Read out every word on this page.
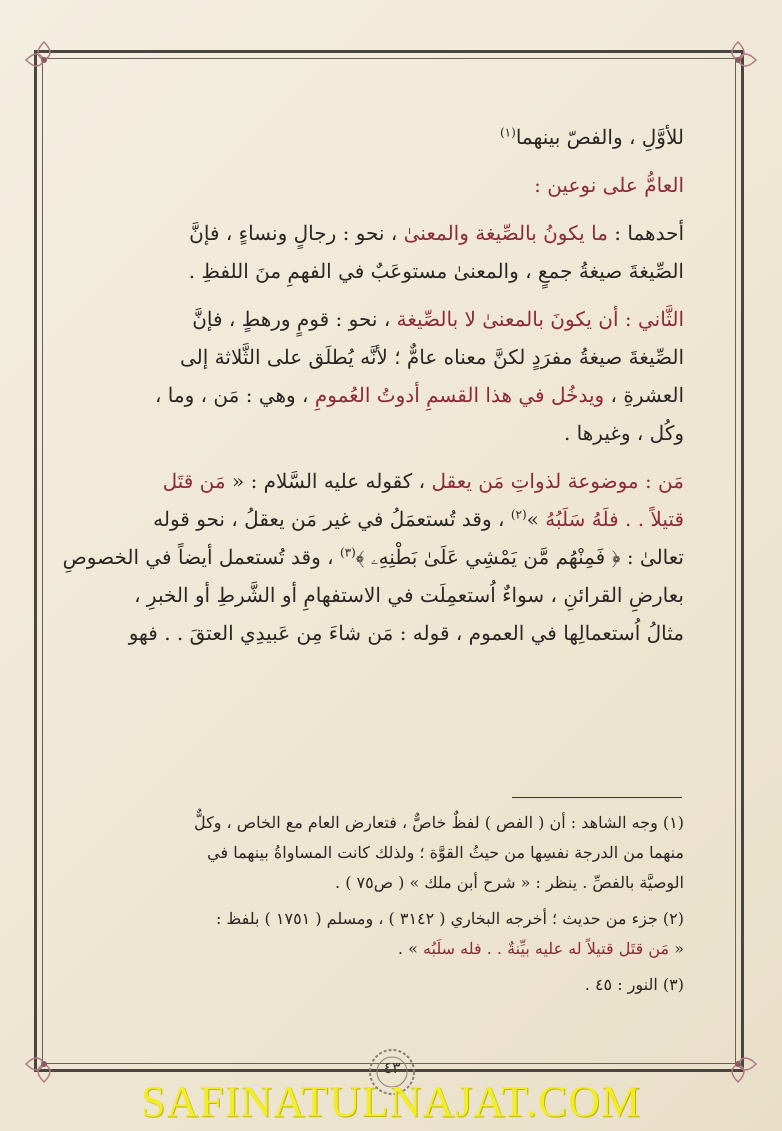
للأوَّلِ ، والفصّ بينهما$^{(١)}$
العامُّ على نوعين :
أحدهما : ما يكونُ بالصِّيغة والمعنىٰ ، نحو : رجالٍ ونساءٍ ، فإنَّ
الصِّيغةَ صيغةُ جمعٍ ، والمعنىٰ مستوعَبٌ في الفهمِ منَ اللفظِ .
الثَّاني : أن يكونَ بالمعنىٰ لا بالصِّيغة ، نحو : قومٍ ورهطٍ ، فإنَّ
الصِّيغةَ صيغةُ مفرَدٍ لكنَّ معناه عامٌّ ؛ لأنَّه يُطلَق على الثَّلاثة إلى
العشرةِ ، ويدخُل في هذا القسمِ أدوتُ العُمومِ ، وهي : مَن ، وما ،
وكُل ، وغيرها .
مَن : موضوعة لذواتِ مَن يعقل ، كقوله عليه السَّلام : « مَن قتَل
قتيلاً . . فلَهُ سَلَبُهُ »$^{(٢)}$ ، وقد تُستعمَلُ في غير مَن يعقلُ ، نحو قوله
تعالىٰ : ﴿ فَمِنْهُم مَّن يَمْشِي عَلَىٰ بَطْنِهِۦ ﴾$^{(٣)}$ ، وقد تُستعمل أيضاً في الخصوصِ
بعارضِ القرائنِ ، سواءٌ اُستعمِلَت في الاستفهامِ أو الشَّرطِ أو الخبرِ ،
مثالُ اُستعمالِها في العموم ، قوله : مَن شاءَ مِن عَبيدِي العتقَ . . فهو
(١) وجه الشاهد : أن ( الفص ) لفظٌ خاصٌّ ، فتعارض العام مع الخاص ، وكلٌّ
منهما من الدرجة نفسِها من حيثُ القوَّة ؛ ولذلك كانت المساواةُ بينهما في
الوصيَّة بالفصِّ . ينظر : « شرح أبن ملك » ( ص٧٥ ) .
(٢) جزء من حديث ؛ أخرجه البخاري ( ٣١٤٢ ) ، ومسلم ( ١٧٥١ ) بلفظ :
« مَن قتَل قتيلاً له عليه بيِّنةٌ . . فله سلَبُه » .
(٣) النور : ٤٥ .
٤٣
SAFINATULNAJAT.COM
